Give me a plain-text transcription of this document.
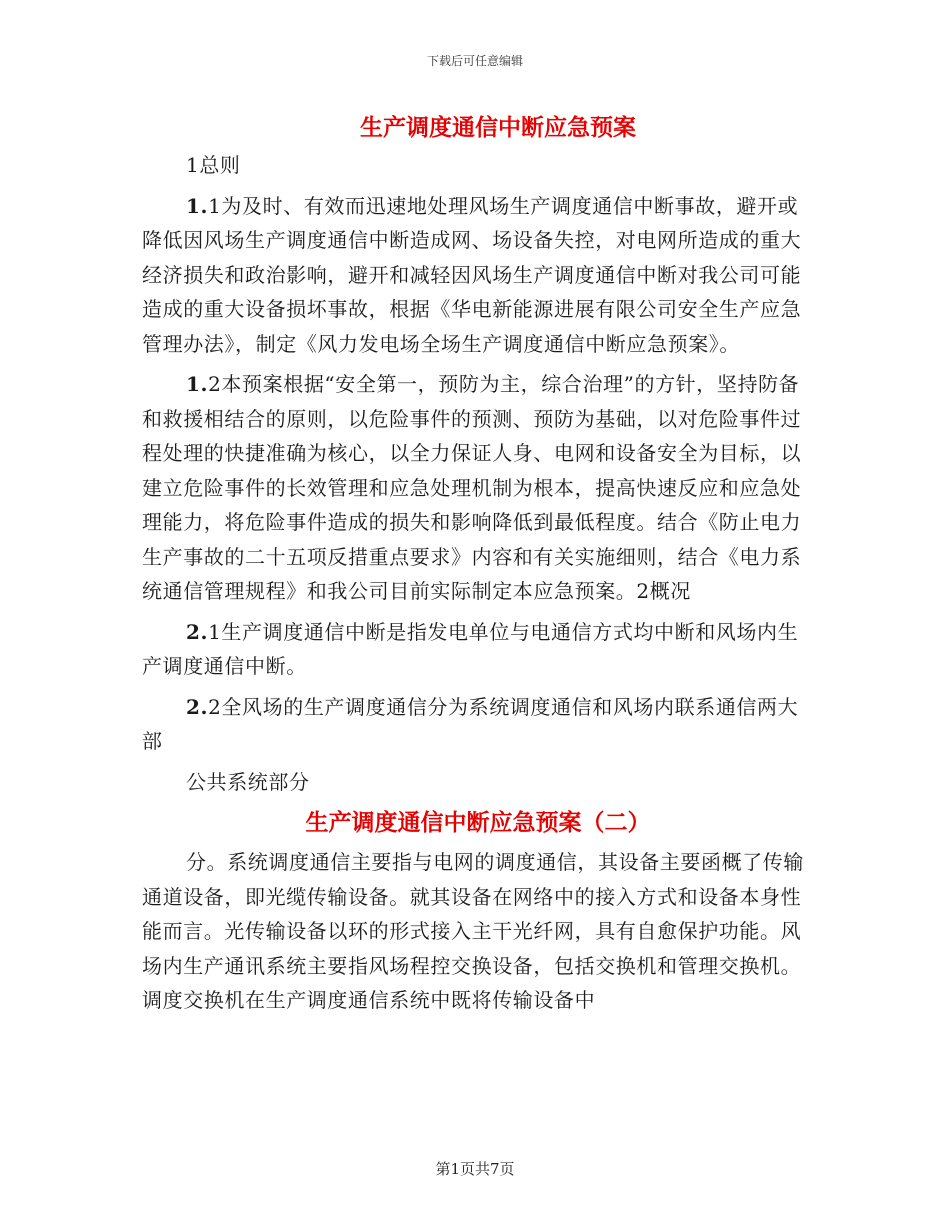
下载后可任意编辑
生产调度通信中断应急预案

1总则

1.1为及时、有效而迅速地处理风场生产调度通信中断事故，避开或降低因风场生产调度通信中断造成网、场设备失控，对电网所造成的重大经济损失和政治影响，避开和减轻因风场生产调度通信中断对我公司可能造成的重大设备损坏事故，根据《华电新能源进展有限公司安全生产应急管理办法》，制定《风力发电场全场生产调度通信中断应急预案》。

1.2本预案根据“安全第一，预防为主，综合治理”的方针，坚持防备和救援相结合的原则，以危险事件的预测、预防为基础，以对危险事件过程处理的快捷准确为核心，以全力保证人身、电网和设备安全为目标，以建立危险事件的长效管理和应急处理机制为根本，提高快速反应和应急处理能力，将危险事件造成的损失和影响降低到最低程度。结合《防止电力生产事故的二十五项反措重点要求》内容和有关实施细则，结合《电力系统通信管理规程》和我公司目前实际制定本应急预案。2概况

2.1生产调度通信中断是指发电单位与电通信方式均中断和风场内生产调度通信中断。

2.2全风场的生产调度通信分为系统调度通信和风场内联系通信两大部

公共系统部分

生产调度通信中断应急预案（二）

分。系统调度通信主要指与电网的调度通信，其设备主要函概了传输通道设备，即光缆传输设备。就其设备在网络中的接入方式和设备本身性能而言。光传输设备以环的形式接入主干光纤网，具有自愈保护功能。风场内生产通讯系统主要指风场程控交换设备，包括交换机和管理交换机。调度交换机在生产调度通信系统中既将传输设备中

第1页共7页
